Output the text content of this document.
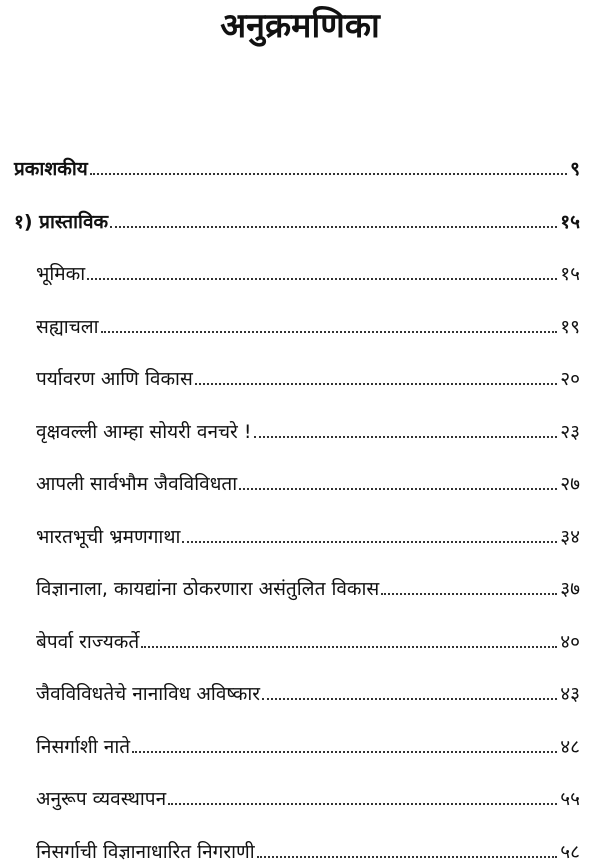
अनुक्रमणिका
प्रकाशकीय	९
१) प्रास्ताविक	१५
भूमिका	१५
सह्याचला	१९
पर्यावरण आणि विकास	२०
वृक्षवल्ली आम्हा सोयरी वनचरे !	२३
आपली सार्वभौम जैवविविधता	२७
भारतभूची भ्रमणगाथा	३४
विज्ञानाला, कायद्यांना ठोकरणारा असंतुलित विकास	३७
बेपर्वा राज्यकर्ते	४०
जैवविविधतेचे नानाविध अविष्कार	४३
निसर्गाशी नाते	४८
अनुरूप व्यवस्थापन	५५
निसर्गाची विज्ञानाधारित निगराणी	५८
